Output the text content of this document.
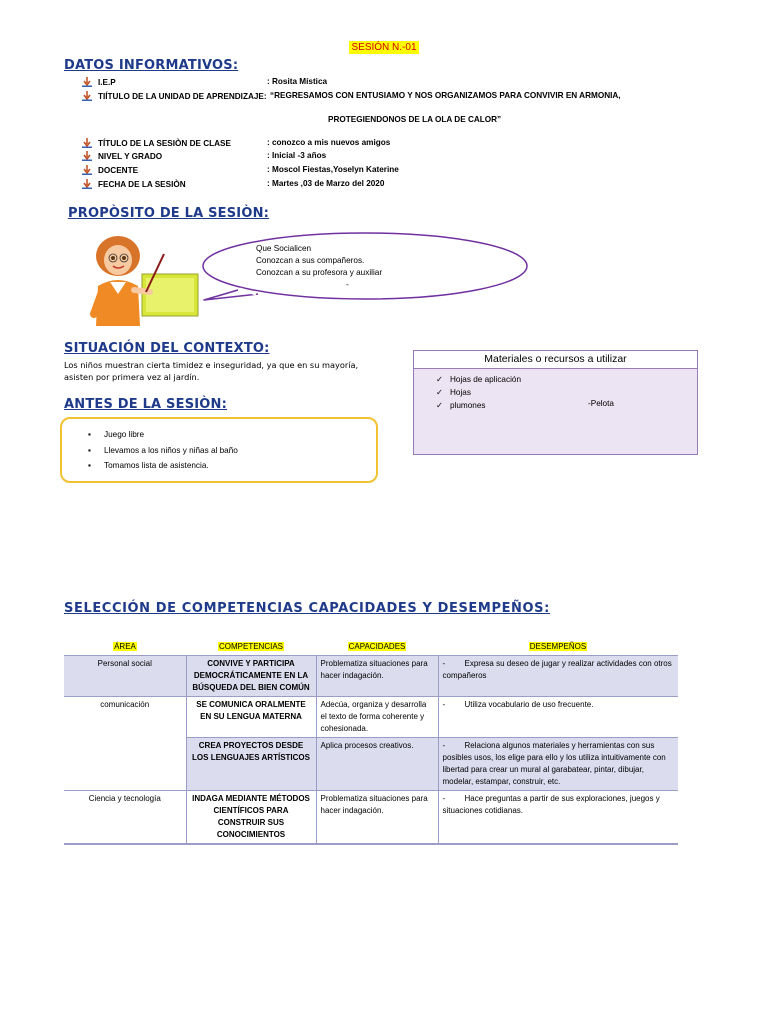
SESIÓN N.-01
DATOS INFORMATIVOS:
I.E.P	: Rosita Mística
TIÍTULO DE LA UNIDAD DE APRENDIZAJE: “REGRESAMOS CON ENTUSIAMO Y NOS ORGANIZAMOS PARA CONVIVIR EN ARMONIA,
PROTEGIENDONOS DE LA OLA DE CALOR”
TÍTULO DE LA SESIÒN DE CLASE	: conozco a mis nuevos amigos
NIVEL Y GRADO	: Inicial -3 años
DOCENTE	: Moscol Fiestas,Yoselyn Katerine
FECHA DE LA SESIÒN	: Martes ,03 de Marzo del 2020
PROPÒSITO DE LA SESIÒN:
Que Socialicen
Conozcan a sus compañeros.
Conozcan a su profesora y auxiliar
-
SITUACIÓN DEL CONTEXTO:
Los niños muestran cierta timidez e inseguridad, ya que en su mayoría,
asisten por primera vez al jardín.
Materiales o recursos a utilizar
✓ Hojas de aplicación
✓ Hojas
✓ plumones	-Pelota
ANTES DE LA SESIÒN:
▪ Juego libre
▪ Llevamos a los niños y niñas al baño
▪ Tomamos lista de asistencia.
SELECCIÓN DE COMPETENCIAS CAPACIDADES Y DESEMPEÑOS:
ÁREA	COMPETENCIAS	CAPACIDADES	DESEMPEÑOS
Personal social	CONVIVE Y PARTICIPA DEMOCRÁTICAMENTE EN LA BÚSQUEDA DEL BIEN COMÚN	Problematiza situaciones para hacer indagación.	- Expresa su deseo de jugar y realizar actividades con otros compañeros
comunicación	SE COMUNICA ORALMENTE EN SU LENGUA MATERNA	Adecúa, organiza y desarrolla el texto de forma coherente y cohesionada.	- Utiliza vocabulario de uso frecuente.
	CREA PROYECTOS DESDE LOS LENGUAJES ARTÍSTICOS	Aplica procesos creativos.	- Relaciona algunos materiales y herramientas con sus posibles usos, los elige para ello y los utiliza intuitivamente con libertad para crear un mural al garabatear, pintar, dibujar, modelar, estampar, construir, etc.
Ciencia y tecnología	INDAGA MEDIANTE MÉTODOS CIENTÍFICOS PARA CONSTRUIR SUS CONOCIMIENTOS	Problematiza situaciones para hacer indagación.	- Hace preguntas a partir de sus exploraciones, juegos y situaciones cotidianas.
